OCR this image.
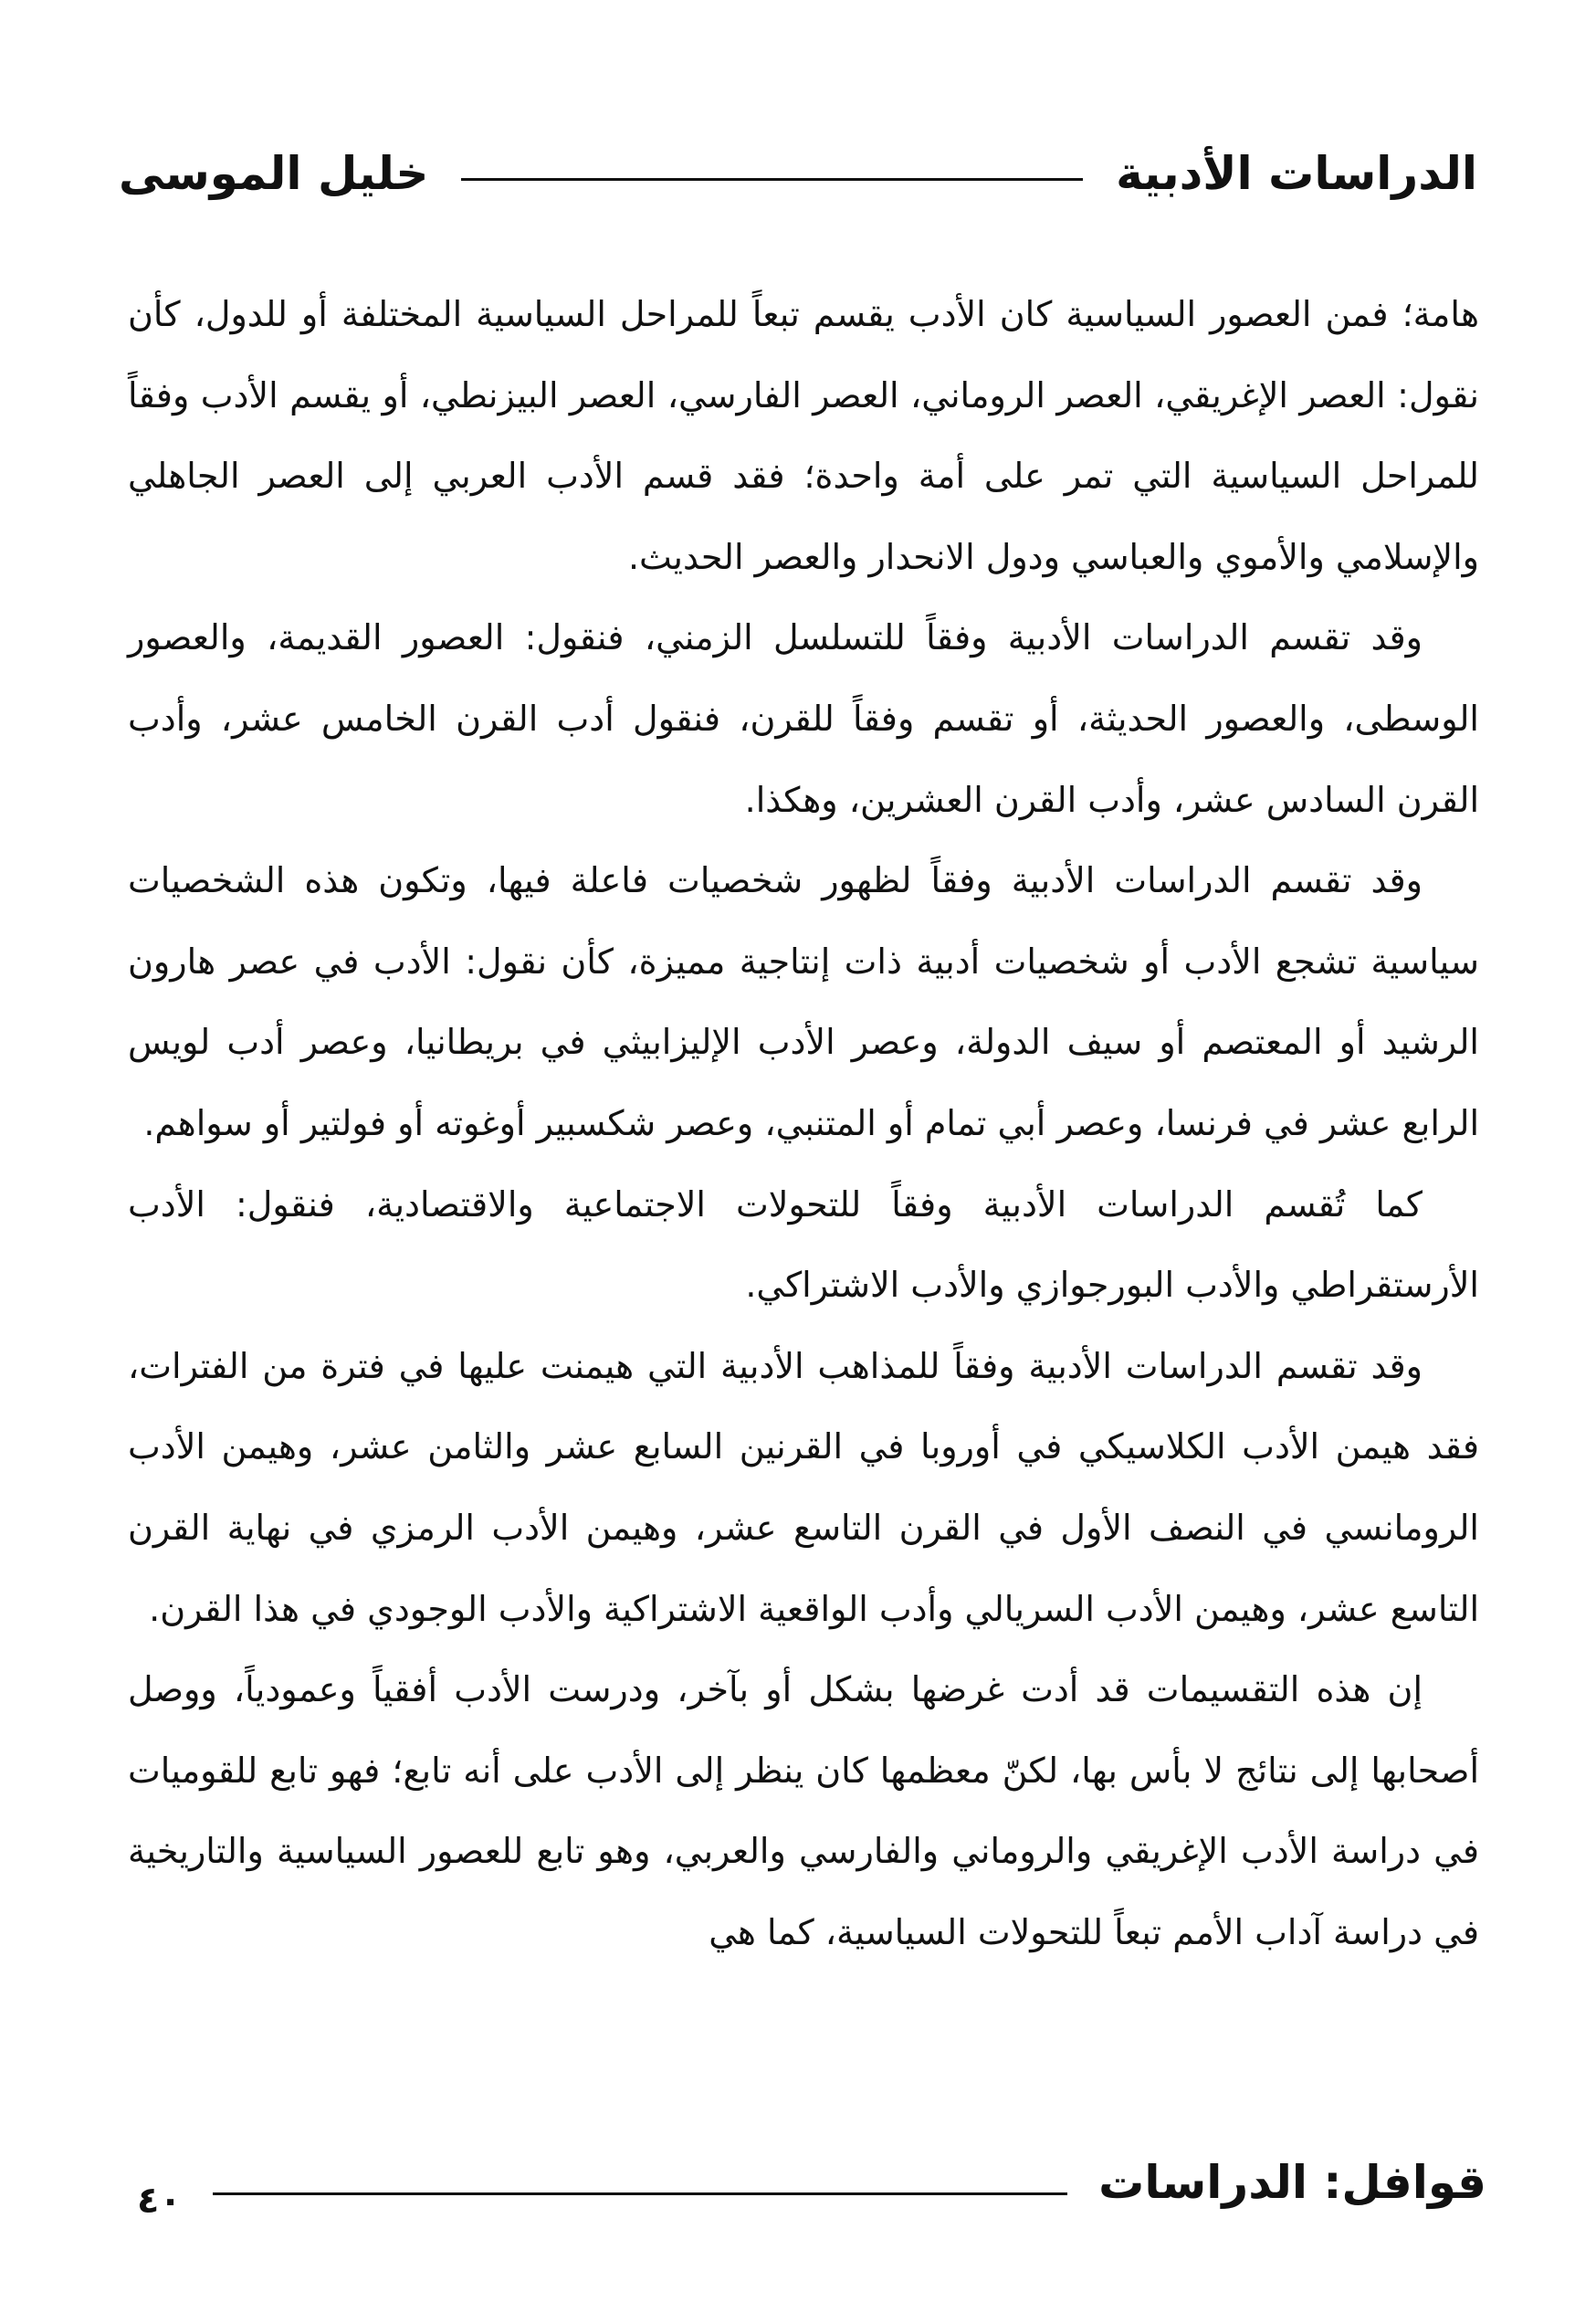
الدراسات الأدبية
خليل الموسى

هامة؛ فمن العصور السياسية كان الأدب يقسم تبعاً للمراحل السياسية المختلفة أو للدول، كأن نقول: العصر الإغريقي، العصر الروماني، العصر الفارسي، العصر البيزنطي، أو يقسم الأدب وفقاً للمراحل السياسية التي تمر على أمة واحدة؛ فقد قسم الأدب العربي إلى العصر الجاهلي والإسلامي والأموي والعباسي ودول الانحدار والعصر الحديث.

وقد تقسم الدراسات الأدبية وفقاً للتسلسل الزمني، فنقول: العصور القديمة، والعصور الوسطى، والعصور الحديثة، أو تقسم وفقاً للقرن، فنقول أدب القرن الخامس عشر، وأدب القرن السادس عشر، وأدب القرن العشرين، وهكذا.

وقد تقسم الدراسات الأدبية وفقاً لظهور شخصيات فاعلة فيها، وتكون هذه الشخصيات سياسية تشجع الأدب أو شخصيات أدبية ذات إنتاجية مميزة، كأن نقول: الأدب في عصر هارون الرشيد أو المعتصم أو سيف الدولة، وعصر الأدب الإليزابيثي في بريطانيا، وعصر أدب لويس الرابع عشر في فرنسا، وعصر أبي تمام أو المتنبي، وعصر شكسبير أوغوته أو فولتير أو سواهم.

كما تُقسم الدراسات الأدبية وفقاً للتحولات الاجتماعية والاقتصادية، فنقول: الأدب الأرستقراطي والأدب البورجوازي والأدب الاشتراكي.

وقد تقسم الدراسات الأدبية وفقاً للمذاهب الأدبية التي هيمنت عليها في فترة من الفترات، فقد هيمن الأدب الكلاسيكي في أوروبا في القرنين السابع عشر والثامن عشر، وهيمن الأدب الرومانسي في النصف الأول في القرن التاسع عشر، وهيمن الأدب الرمزي في نهاية القرن التاسع عشر، وهيمن الأدب السريالي وأدب الواقعية الاشتراكية والأدب الوجودي في هذا القرن.

إن هذه التقسيمات قد أدت غرضها بشكل أو بآخر، ودرست الأدب أفقياً وعمودياً، ووصل أصحابها إلى نتائج لا بأس بها، لكنّ معظمها كان ينظر إلى الأدب على أنه تابع؛ فهو تابع للقوميات في دراسة الأدب الإغريقي والروماني والفارسي والعربي، وهو تابع للعصور السياسية والتاريخية في دراسة آداب الأمم تبعاً للتحولات السياسية، كما هي

قوافل: الدراسات
٤٠
